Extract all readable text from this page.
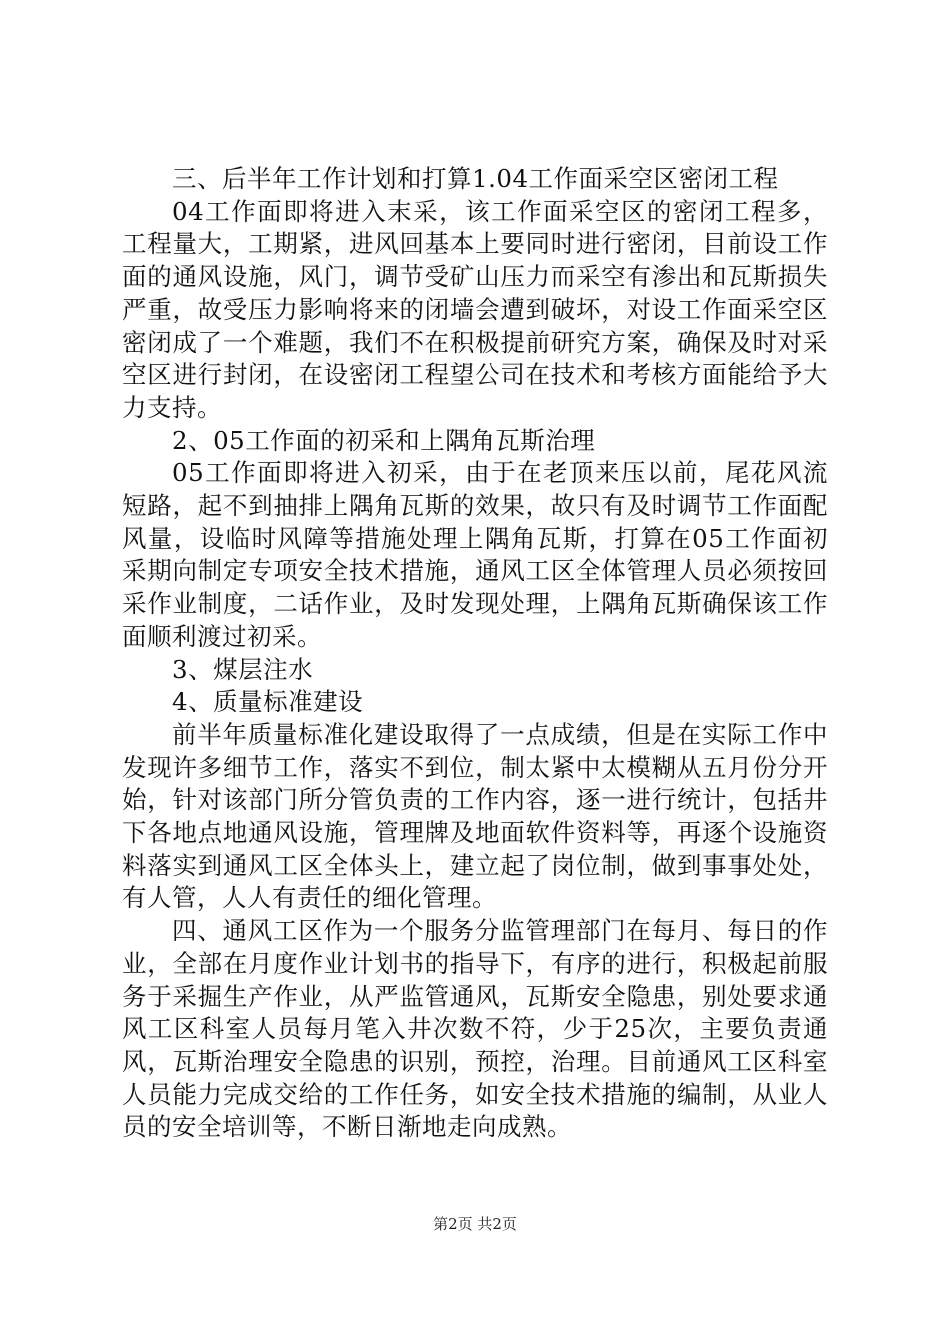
三、后半年工作计划和打算1.04工作面采空区密闭工程

04工作面即将进入末采，该工作面采空区的密闭工程多，工程量大，工期紧，进风回基本上要同时进行密闭，目前设工作面的通风设施，风门，调节受矿山压力而采空有渗出和瓦斯损失严重，故受压力影响将来的闭墙会遭到破坏，对设工作面采空区密闭成了一个难题，我们不在积极提前研究方案，确保及时对采空区进行封闭，在设密闭工程望公司在技术和考核方面能给予大力支持。

2、05工作面的初采和上隅角瓦斯治理

05工作面即将进入初采，由于在老顶来压以前，尾花风流短路，起不到抽排上隅角瓦斯的效果，故只有及时调节工作面配风量，设临时风障等措施处理上隅角瓦斯，打算在05工作面初采期向制定专项安全技术措施，通风工区全体管理人员必须按回采作业制度，二话作业，及时发现处理，上隅角瓦斯确保该工作面顺利渡过初采。

3、煤层注水

4、质量标准建设

前半年质量标准化建设取得了一点成绩，但是在实际工作中发现许多细节工作，落实不到位，制太紧中太模糊从五月份分开始，针对该部门所分管负责的工作内容，逐一进行统计，包括井下各地点地通风设施，管理牌及地面软件资料等，再逐个设施资料落实到通风工区全体头上，建立起了岗位制，做到事事处处，有人管，人人有责任的细化管理。

四、通风工区作为一个服务分监管理部门在每月、每日的作业，全部在月度作业计划书的指导下，有序的进行，积极起前服务于采掘生产作业，从严监管通风，瓦斯安全隐患，别处要求通风工区科室人员每月笔入井次数不符，少于25次，主要负责通风，瓦斯治理安全隐患的识别，预控，治理。目前通风工区科室人员能力完成交给的工作任务，如安全技术措施的编制，从业人员的安全培训等，不断日渐地走向成熟。

第2页 共2页
